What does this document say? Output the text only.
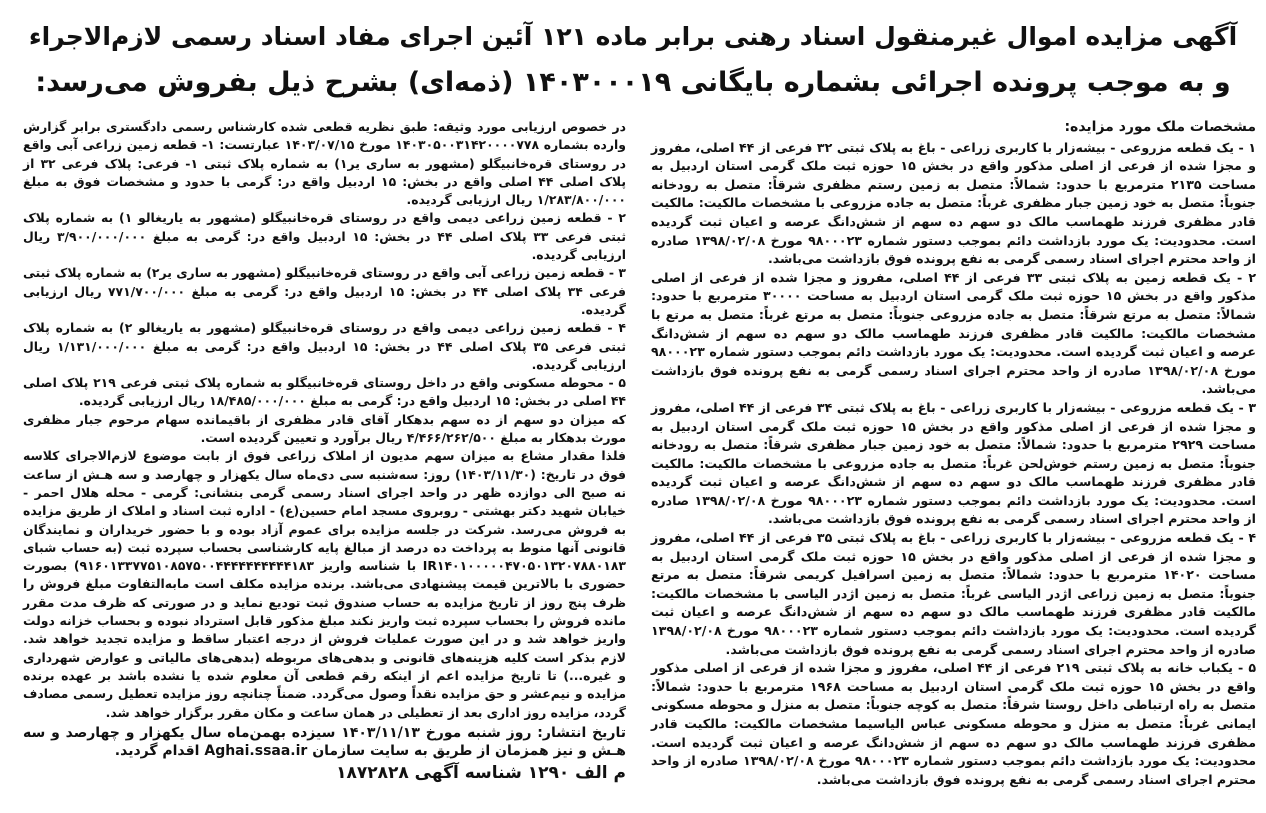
آگهی مزایده اموال غیرمنقول اسناد رهنی برابر ماده ۱۲۱ آئین اجرای مفاد اسناد رسمی لازم‌الاجراء
و به موجب پرونده اجرائی بشماره بایگانی ۱۴۰۳۰۰۰۱۹ (ذمه‌ای) بشرح ذیل بفروش می‌رسد:

مشخصات ملک مورد مزایده:

۱ - یک قطعه مزروعی - بیشه‌زار با کاربری زراعی - باغ به پلاک ثبتی ۳۲ فرعی از ۴۴ اصلی، مفروز و مجزا شده از فرعی از اصلی مذکور واقع در بخش ۱۵ حوزه ثبت ملک گرمی استان اردبیل به مساحت ۲۱۳۵ مترمربع با حدود: شمالاً: متصل به زمین رستم مظفری شرقاً: متصل به رودخانه جنوباً: متصل به خود زمین جبار مظفری غرباً: متصل به جاده مزروعی با مشخصات مالکیت: مالکیت قادر مظفری فرزند طهماسب مالک دو سهم ده سهم از شش‌دانگ عرصه و اعیان ثبت گردیده است. محدودیت: یک مورد بازداشت دائم بموجب دستور شماره ۹۸۰۰۰۲۳ مورخ ۱۳۹۸/۰۲/۰۸ صادره از واحد محترم اجرای اسناد رسمی گرمی به نفع پرونده فوق بازداشت می‌باشد.

۲ - یک قطعه زمین به پلاک ثبتی ۳۳ فرعی از ۴۴ اصلی، مفروز و مجزا شده از فرعی از اصلی مذکور واقع در بخش ۱۵ حوزه ثبت ملک گرمی استان اردبیل به مساحت ۳۰۰۰۰ مترمربع با حدود: شمالاً: متصل به مرتع شرقاً: متصل به جاده مزروعی جنوباً: متصل به مرتع غرباً: متصل به مرتع با مشخصات مالکیت: مالکیت قادر مظفری فرزند طهماسب مالک دو سهم ده سهم از شش‌دانگ عرصه و اعیان ثبت گردیده است. محدودیت: یک مورد بازداشت دائم بموجب دستور شماره ۹۸۰۰۰۲۳ مورخ ۱۳۹۸/۰۲/۰۸ صادره از واحد محترم اجرای اسناد رسمی گرمی به نفع پرونده فوق بازداشت می‌باشد.

۳ - یک قطعه مزروعی - بیشه‌زار با کاربری زراعی - باغ به پلاک ثبتی ۳۴ فرعی از ۴۴ اصلی، مفروز و مجزا شده از فرعی از اصلی مذکور واقع در بخش ۱۵ حوزه ثبت ملک گرمی استان اردبیل به مساحت ۲۹۲۹ مترمربع با حدود: شمالاً: متصل به خود زمین جبار مظفری شرقاً: متصل به رودخانه جنوباً: متصل به زمین رستم خوش‌لحن غرباً: متصل به جاده مزروعی با مشخصات مالکیت: مالکیت قادر مظفری فرزند طهماسب مالک دو سهم ده سهم از شش‌دانگ عرصه و اعیان ثبت گردیده است. محدودیت: یک مورد بازداشت دائم بموجب دستور شماره ۹۸۰۰۰۲۳ مورخ ۱۳۹۸/۰۲/۰۸ صادره از واحد محترم اجرای اسناد رسمی گرمی به نفع پرونده فوق بازداشت می‌باشد.

۴ - یک قطعه مزروعی - بیشه‌زار با کاربری زراعی - باغ به پلاک ثبتی ۳۵ فرعی از ۴۴ اصلی، مفروز و مجزا شده از فرعی از اصلی مذکور واقع در بخش ۱۵ حوزه ثبت ملک گرمی استان اردبیل به مساحت ۱۴۰۲۰ مترمربع با حدود: شمالاً: متصل به زمین اسرافیل کریمی شرقاً: متصل به مرتع جنوباً: متصل به زمین زراعی اژدر الیاسی غرباً: متصل به زمین اژدر الیاسی با مشخصات مالکیت: مالکیت قادر مظفری فرزند طهماسب مالک دو سهم ده سهم از شش‌دانگ عرصه و اعیان ثبت گردیده است. محدودیت: یک مورد بازداشت دائم بموجب دستور شماره ۹۸۰۰۰۲۳ مورخ ۱۳۹۸/۰۲/۰۸ صادره از واحد محترم اجرای اسناد رسمی گرمی به نفع پرونده فوق بازداشت می‌باشد.

۵ - یکباب خانه به پلاک ثبتی ۲۱۹ فرعی از ۴۴ اصلی، مفروز و مجزا شده از فرعی از اصلی مذکور واقع در بخش ۱۵ حوزه ثبت ملک گرمی استان اردبیل به مساحت ۱۹۶۸ مترمربع با حدود: شمالاً: متصل به راه ارتباطی داخل روستا شرقاً: متصل به کوچه جنوباً: متصل به منزل و محوطه مسکونی ایمانی غرباً: متصل به منزل و محوطه مسکونی عباس الیاسیما مشخصات مالکیت: مالکیت قادر مظفری فرزند طهماسب مالک دو سهم ده سهم از شش‌دانگ عرصه و اعیان ثبت گردیده است. محدودیت: یک مورد بازداشت دائم بموجب دستور شماره ۹۸۰۰۰۲۳ مورخ ۱۳۹۸/۰۲/۰۸ صادره از واحد محترم اجرای اسناد رسمی گرمی به نفع پرونده فوق بازداشت می‌باشد.

در خصوص ارزیابی مورد وثیقه: طبق نظریه قطعی شده کارشناس رسمی دادگستری برابر گزارش وارده بشماره ۱۴۰۳۰۵۰۰۳۱۴۲۰۰۰۰۷۷۸ مورخ ۱۴۰۳/۰۷/۱۵ عبارتست: ۱- قطعه زمین زراعی آبی واقع در روستای قره‌خانبیگلو (مشهور به ساری یر۱) به شماره پلاک ثبتی ۱- فرعی: پلاک فرعی ۳۲ از پلاک اصلی ۴۴ اصلی واقع در بخش: ۱۵ اردبیل واقع در: گرمی با حدود و مشخصات فوق به مبلغ ۱/۲۸۳/۸۰۰/۰۰۰ ریال ارزیابی گردیده.

۲ - قطعه زمین زراعی دیمی واقع در روستای قره‌خانبیگلو (مشهور به یاریغالو ۱) به شماره پلاک ثبتی فرعی ۳۳ پلاک اصلی ۴۴ در بخش: ۱۵ اردبیل واقع در: گرمی به مبلغ ۳/۹۰۰/۰۰۰/۰۰۰ ریال ارزیابی گردیده.

۳ - قطعه زمین زراعی آبی واقع در روستای قره‌خانبیگلو (مشهور به ساری یر۲) به شماره پلاک ثبتی فرعی ۳۴ پلاک اصلی ۴۴ در بخش: ۱۵ اردبیل واقع در: گرمی به مبلغ ۷۷۱/۷۰۰/۰۰۰ ریال ارزیابی گردیده.

۴ - قطعه زمین زراعی دیمی واقع در روستای قره‌خانبیگلو (مشهور به یاریغالو ۲) به شماره پلاک ثبتی فرعی ۳۵ پلاک اصلی ۴۴ در بخش: ۱۵ اردبیل واقع در: گرمی به مبلغ ۱/۱۳۱/۰۰۰/۰۰۰ ریال ارزیابی گردیده.

۵ - محوطه مسکونی واقع در داخل روستای قره‌خانبیگلو به شماره پلاک ثبتی فرعی ۲۱۹ پلاک اصلی ۴۴ اصلی در بخش: ۱۵ اردبیل واقع در: گرمی به مبلغ ۱۸/۴۸۵/۰۰۰/۰۰۰ ریال ارزیابی گردیده.

که میزان دو سهم از ده سهم بدهکار آقای قادر مظفری از باقیمانده سهام مرحوم جبار مظفری مورث بدهکار به مبلغ ۴/۴۶۶/۲۶۲/۵۰۰ ریال برآورد و تعیین گردیده است.

فلذا مقدار مشاع به میزان سهم مدیون از املاک زراعی فوق از بابت موضوع لازم‌الاجرای کلاسه فوق در تاریخ: (۱۴۰۳/۱۱/۳۰) روز: سه‌شنبه سی دی‌ماه سال یکهزار و چهارصد و سه هـش از ساعت نه صبح الی دوازده ظهر در واحد اجرای اسناد رسمی گرمی بنشانی: گرمی - محله هلال احمر - خیابان شهید دکتر بهشتی - روبروی مسجد امام حسین(ع) - اداره ثبت اسناد و املاک از طریق مزایده به فروش می‌رسد. شرکت در جلسه مزایده برای عموم آزاد بوده و با حضور خریداران و نمایندگان قانونی آنها منوط به پرداخت ده درصد از مبالغ پایه کارشناسی بحساب سپرده ثبت (به حساب شبای IR۱۴۰۱۰۰۰۰۰۴۷۰۵۰۱۳۲۰۷۸۸۰۱۸۳ با شناسه واریز ۹۱۶۰۱۳۳۷۷۵۱۰۸۵۷۵۰۰۴۴۴۴۴۴۴۴۴۴۱۸۳) بصورت حضوری با بالاترین قیمت پیشنهادی می‌باشد. برنده مزایده مکلف است مابه‌التفاوت مبلغ فروش را ظرف پنج روز از تاریخ مزایده به حساب صندوق ثبت تودیع نماید و در صورتی که ظرف مدت مقرر مانده فروش را بحساب سپرده ثبت واریز نکند مبلغ مذکور قابل استرداد نبوده و بحساب خزانه دولت واریز خواهد شد و در این صورت عملیات فروش از درجه اعتبار ساقط و مزایده تجدید خواهد شد. لازم بذکر است کلیه هزینه‌های قانونی و بدهی‌های مربوطه (بدهی‌های مالیاتی و عوارض شهرداری و غیره...) تا تاریخ مزایده اعم از اینکه رقم قطعی آن معلوم شده یا نشده باشد بر عهده برنده مزایده و نیم‌عشر و حق مزایده نقداً وصول می‌گردد. ضمناً چنانچه روز مزایده تعطیل رسمی مصادف گردد، مزایده روز اداری بعد از تعطیلی در همان ساعت و مکان مقرر برگزار خواهد شد.

تاریخ انتشار: روز شنبه مورخ ۱۴۰۳/۱۱/۱۳ سیزده بهمن‌ماه سال یکهزار و چهارصد و سه هـش و نیز همزمان از طریق به سایت سازمان Aghai.ssaa.ir اقدام گردید.

م الف ۱۲۹۰ شناسه آگهی ۱۸۷۲۸۲۸
